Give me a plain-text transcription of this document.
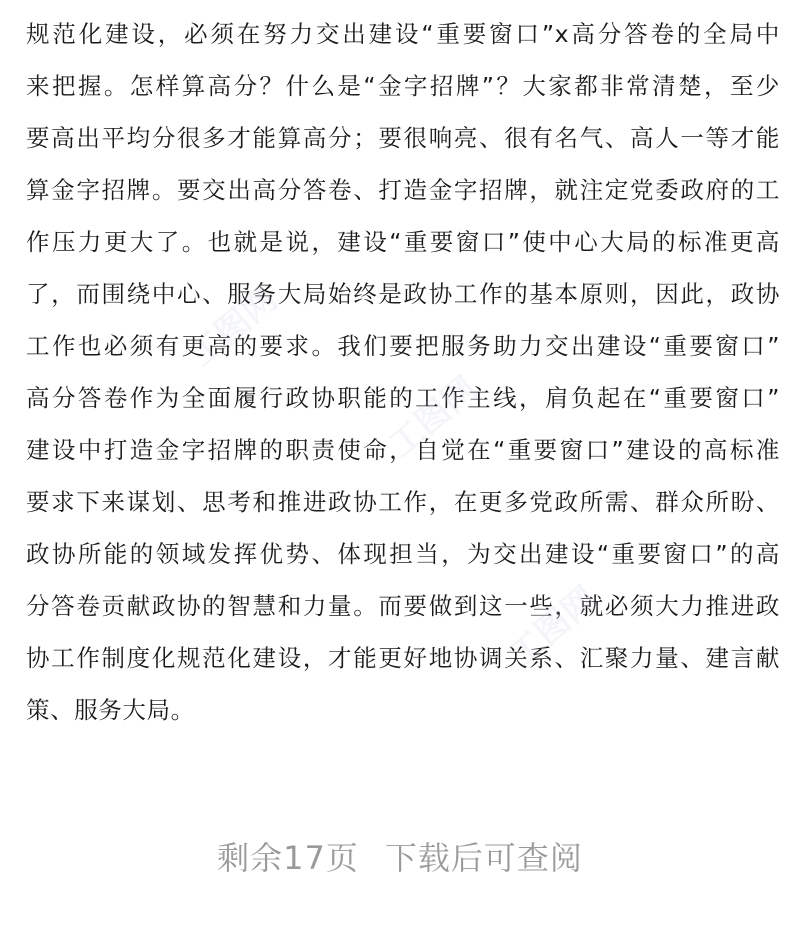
规范化建设，必须在努力交出建设“重要窗口”x高分答卷的全局中
来把握。怎样算高分？什么是“金字招牌”？大家都非常清楚，至少
要高出平均分很多才能算高分；要很响亮、很有名气、高人一等才能
算金字招牌。要交出高分答卷、打造金字招牌，就注定党委政府的工
作压力更大了。也就是说，建设“重要窗口”使中心大局的标准更高
了，而围绕中心、服务大局始终是政协工作的基本原则，因此，政协
工作也必须有更高的要求。我们要把服务助力交出建设“重要窗口”
高分答卷作为全面履行政协职能的工作主线，肩负起在“重要窗口”
建设中打造金字招牌的职责使命，自觉在“重要窗口”建设的高标准
要求下来谋划、思考和推进政协工作，在更多党政所需、群众所盼、
政协所能的领域发挥优势、体现担当，为交出建设“重要窗口”的高
分答卷贡献政协的智慧和力量。而要做到这一些，就必须大力推进政
协工作制度化规范化建设，才能更好地协调关系、汇聚力量、建言献
策、服务大局。
工图网
工图网
工图网
剩余17页 下载后可查阅
